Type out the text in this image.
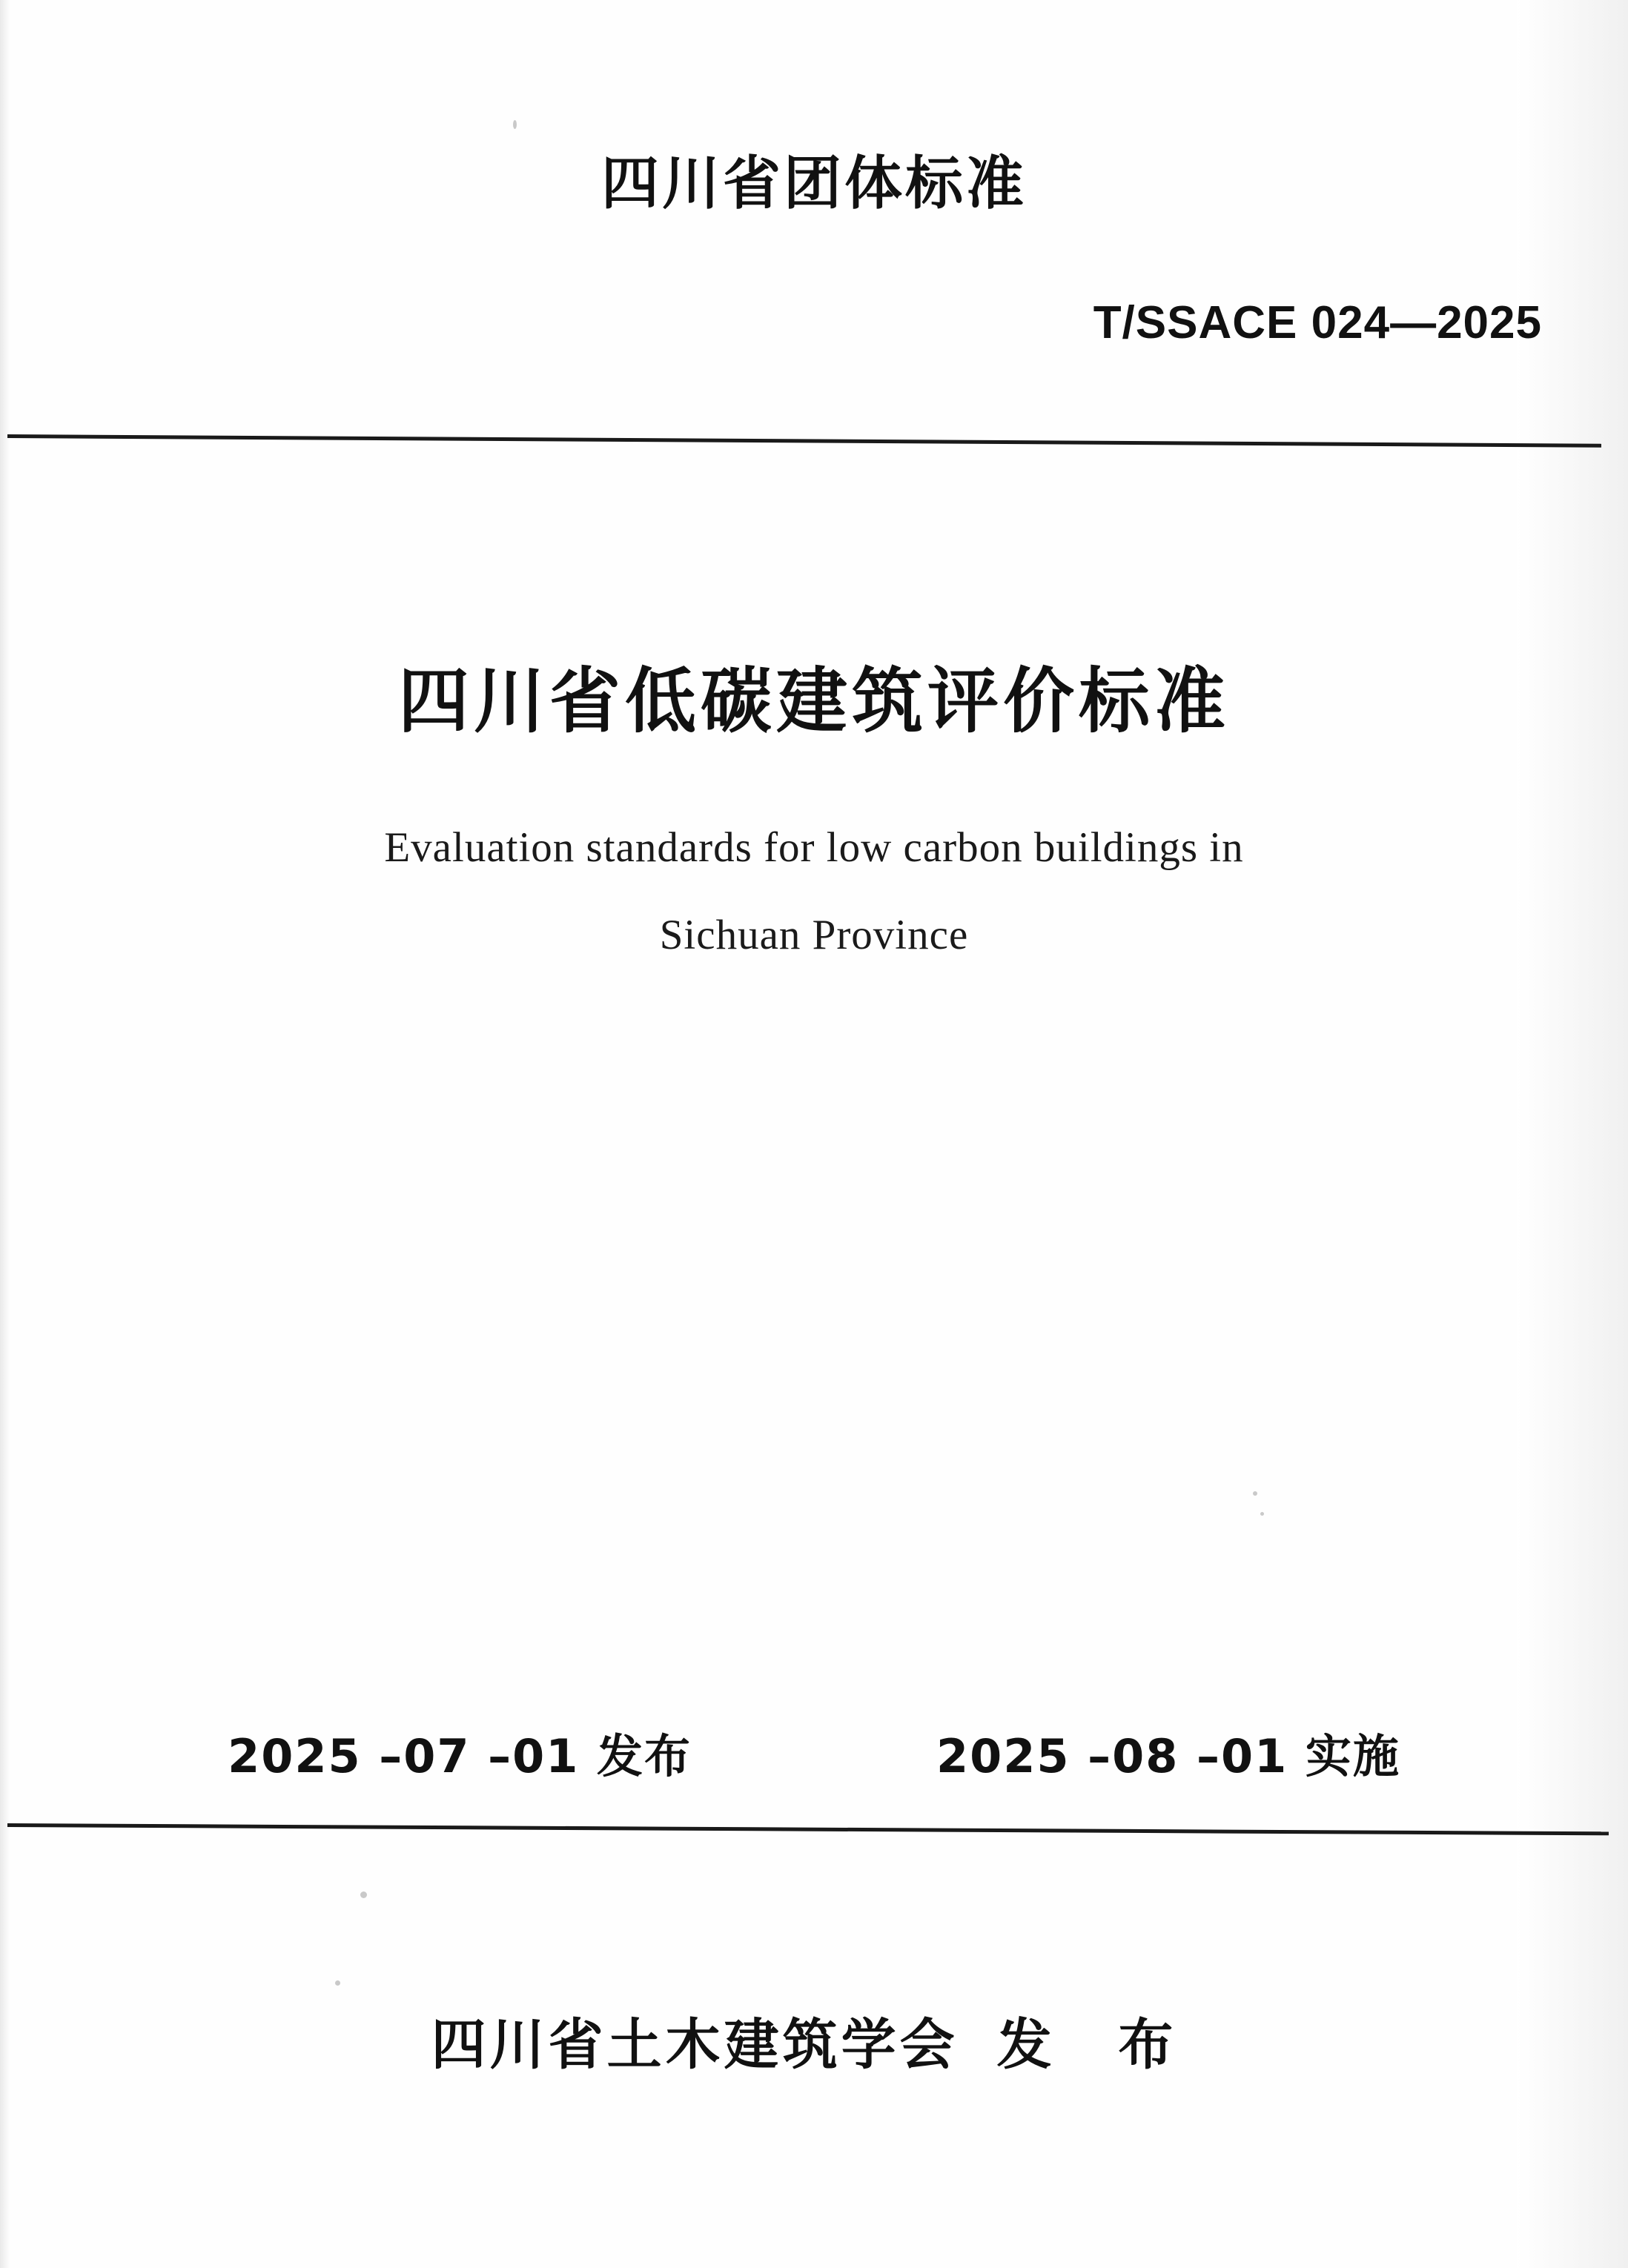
四川省团体标准
T/SSACE 024—2025
四川省低碳建筑评价标准
Evaluation standards for low carbon buildings in
Sichuan Province
2025 –07 –01 发布	2025 –08 –01 实施
四川省土木建筑学会 发 布
